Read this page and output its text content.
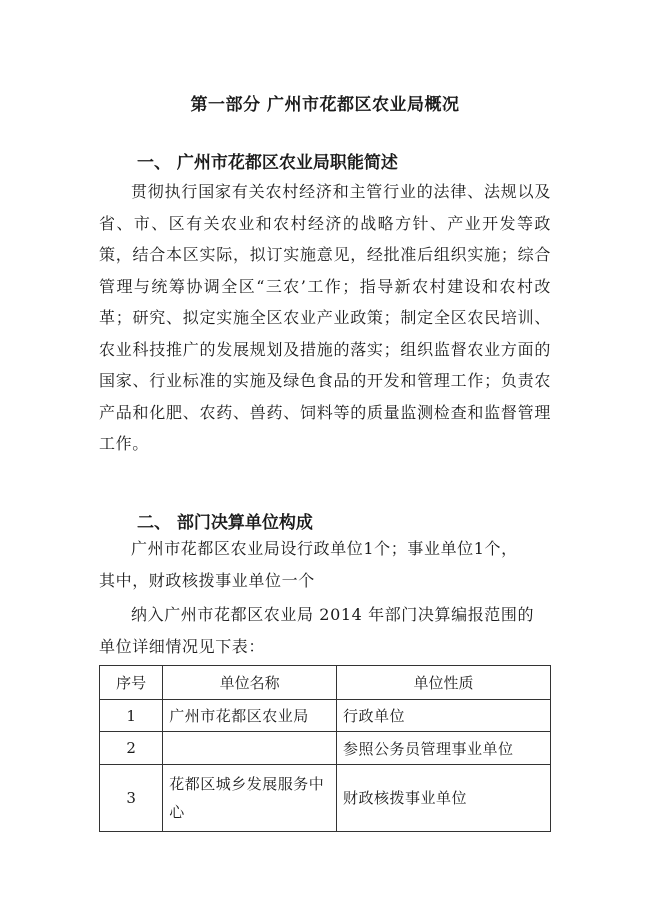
第一部分 广州市花都区农业局概况
一、 广州市花都区农业局职能简述
贯彻执行国家有关农村经济和主管行业的法律、法规以及省、市、区有关农业和农村经济的战略方针、产业开发等政策，结合本区实际，拟订实施意见，经批准后组织实施；综合管理与统筹协调全区“三农’工作；指导新农村建设和农村改革；研究、拟定实施全区农业产业政策；制定全区农民培训、农业科技推广的发展规划及措施的落实；组织监督农业方面的国家、行业标准的实施及绿色食品的开发和管理工作；负责农产品和化肥、农药、兽药、饲料等的质量监测检查和监督管理工作。
二、 部门决算单位构成
广州市花都区农业局设行政单位1个；事业单位1个，
其中，财政核拨事业单位一个
纳入广州市花都区农业局 2014 年部门决算编报范围的
单位详细情况见下表：
序号	单位名称	单位性质
1	广州市花都区农业局	行政单位
2		参照公务员管理事业单位
3	花都区城乡发展服务中心	财政核拨事业单位
